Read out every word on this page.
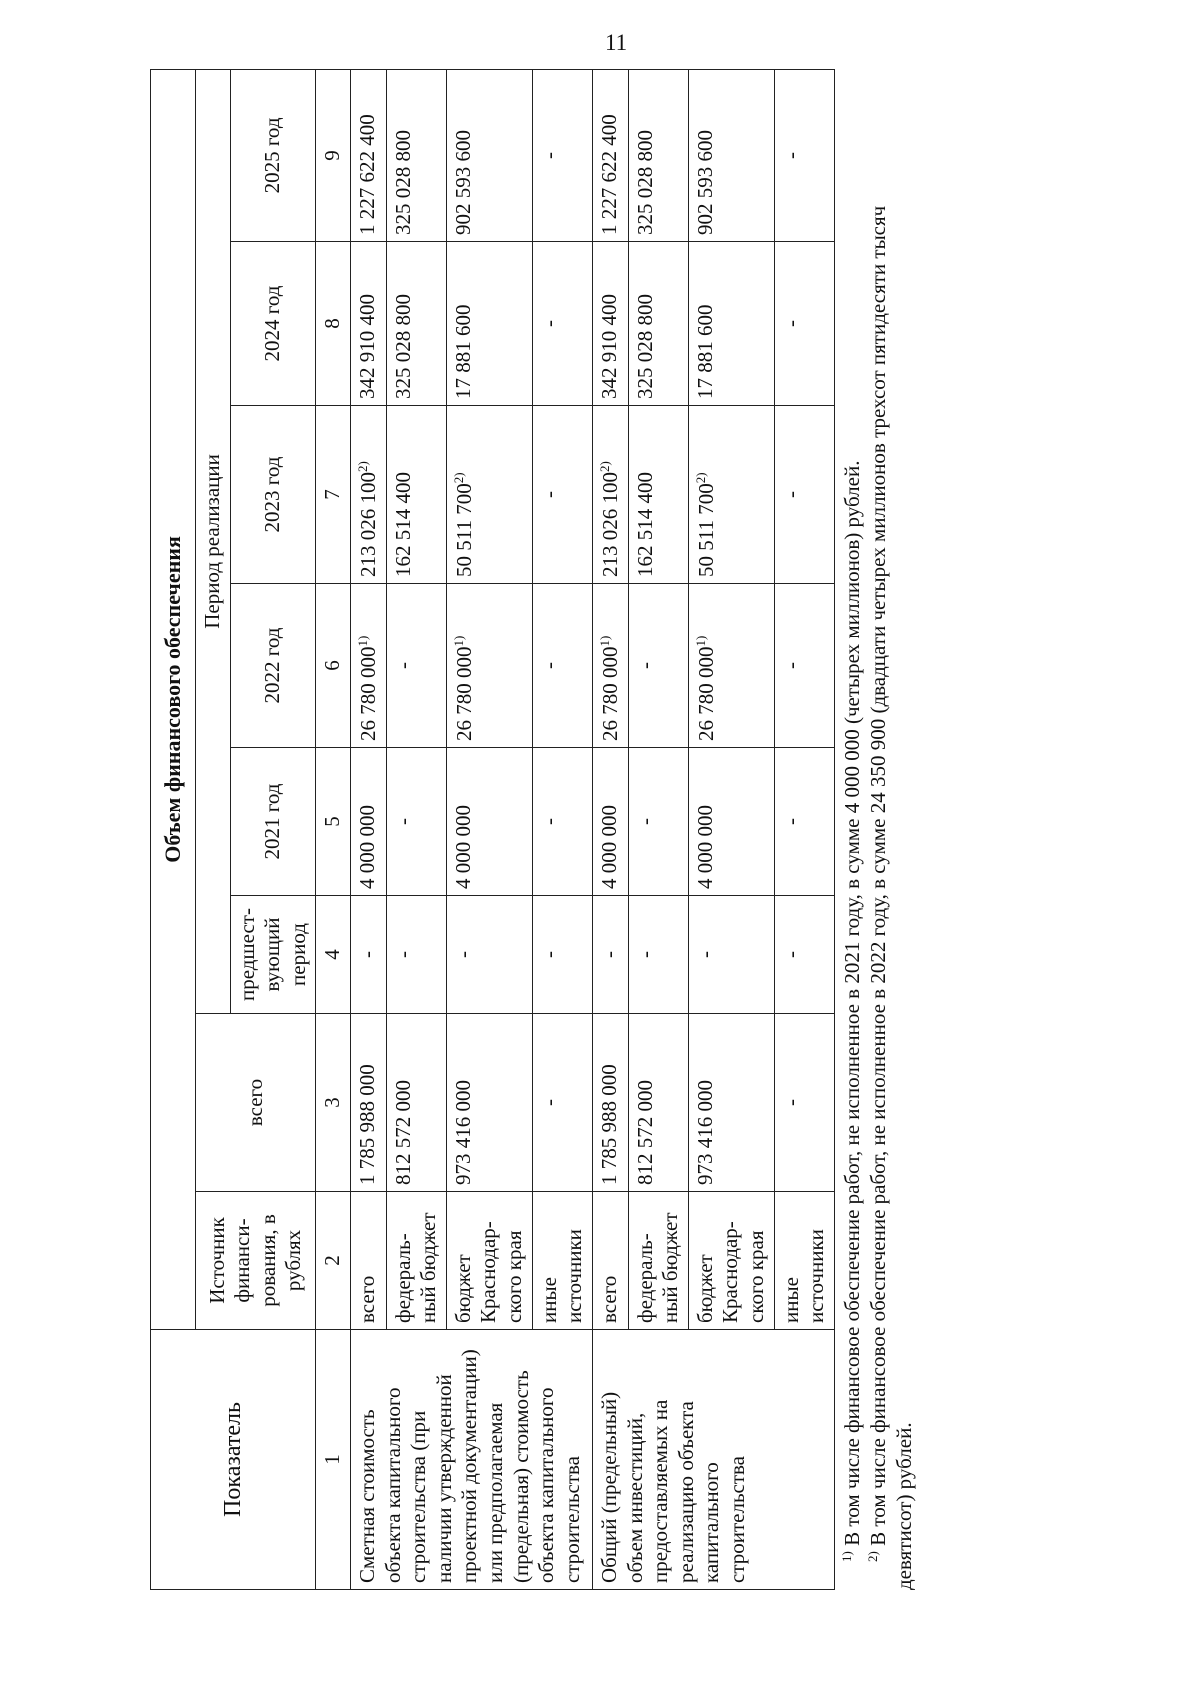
11
Показатель	Объем финансового обеспечения							
	Источник финанси-рования, в рублях	всего	Период реализации					
			предшест-вующий период	2021 год	2022 год	2023 год	2024 год	2025 год
1	2	3	4	5	6	7	8	9
Сметная стоимость объекта капитального строительства (при наличии утвержденной проектной документации) или предполагаемая (предельная) стоимость объекта капитального строительства	всего	1 785 988 000	-	4 000 000	26 780 000$^{1)}$	213 026 100$^{2)}$	342 910 400	1 227 622 400
	федераль-ный бюджет	812 572 000	-	-	-	162 514 400	325 028 800	325 028 800
	бюджет Краснодар-ского края	973 416 000	-	4 000 000	26 780 000$^{1)}$	50 511 700$^{2)}$	17 881 600	902 593 600
	иные источники	-	-	-	-	-	-	-
Общий (предельный) объем инвестиций, предоставляемых на реализацию объекта капитального строительства	всего	1 785 988 000	-	4 000 000	26 780 000$^{1)}$	213 026 100$^{2)}$	342 910 400	1 227 622 400
	федераль-ный бюджет	812 572 000	-	-	-	162 514 400	325 028 800	325 028 800
	бюджет Краснодар-ского края	973 416 000	-	4 000 000	26 780 000$^{1)}$	50 511 700$^{2)}$	17 881 600	902 593 600
	иные источники	-	-	-	-	-	-	-

$^{1)}$ В том числе финансовое обеспечение работ, не исполненное в 2021 году, в сумме 4 000 000 (четырех миллионов) рублей.

$^{2)}$ В том числе финансовое обеспечение работ, не исполненное в 2022 году, в сумме 24 350 900 (двадцати четырех миллионов трехсот пятидесяти тысяч девятисот) рублей.
